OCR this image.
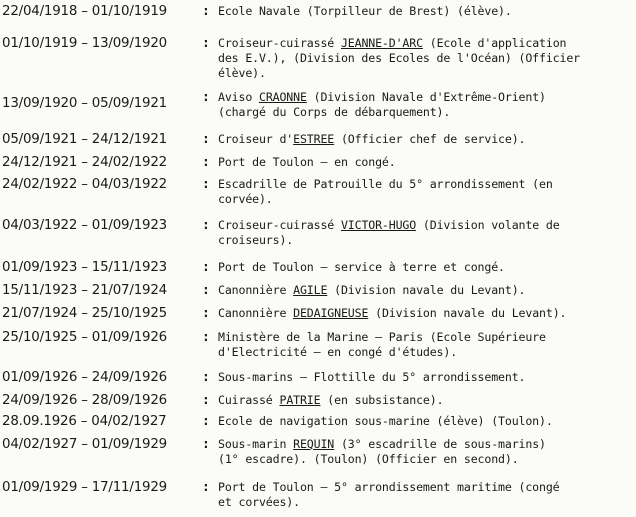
22/04/1918 – 01/10/1919	: Ecole Navale (Torpilleur de Brest) (élève).
01/10/1919 – 13/09/1920	: Croiseur-cuirassé JEANNE-D'ARC (Ecole d'application
des E.V.), (Division des Ecoles de l'Océan) (Officier
élève).
13/09/1920 – 05/09/1921	: Aviso CRAONNE (Division Navale d'Extrême-Orient)
(chargé du Corps de débarquement).
05/09/1921 – 24/12/1921	: Croiseur d'ESTREE (Officier chef de service).
24/12/1921 – 24/02/1922	: Port de Toulon – en congé.
24/02/1922 – 04/03/1922	: Escadrille de Patrouille du 5° arrondissement (en
corvée).
04/03/1922 – 01/09/1923	: Croiseur-cuirassé VICTOR-HUGO (Division volante de
croiseurs).
01/09/1923 – 15/11/1923	: Port de Toulon – service à terre et congé.
15/11/1923 – 21/07/1924	: Canonnière AGILE (Division navale du Levant).
21/07/1924 – 25/10/1925	: Canonnière DEDAIGNEUSE (Division navale du Levant).
25/10/1925 – 01/09/1926	: Ministère de la Marine – Paris (Ecole Supérieure
d'Electricité – en congé d'études).
01/09/1926 – 24/09/1926	: Sous-marins – Flottille du 5° arrondissement.
24/09/1926 – 28/09/1926	: Cuirassé PATRIE (en subsistance).
28.09.1926 – 04/02/1927	: Ecole de navigation sous-marine (élève) (Toulon).
04/02/1927 – 01/09/1929	: Sous-marin REQUIN (3° escadrille de sous-marins)
(1° escadre). (Toulon) (Officier en second).
01/09/1929 – 17/11/1929	: Port de Toulon – 5° arrondissement maritime (congé
et corvées).
